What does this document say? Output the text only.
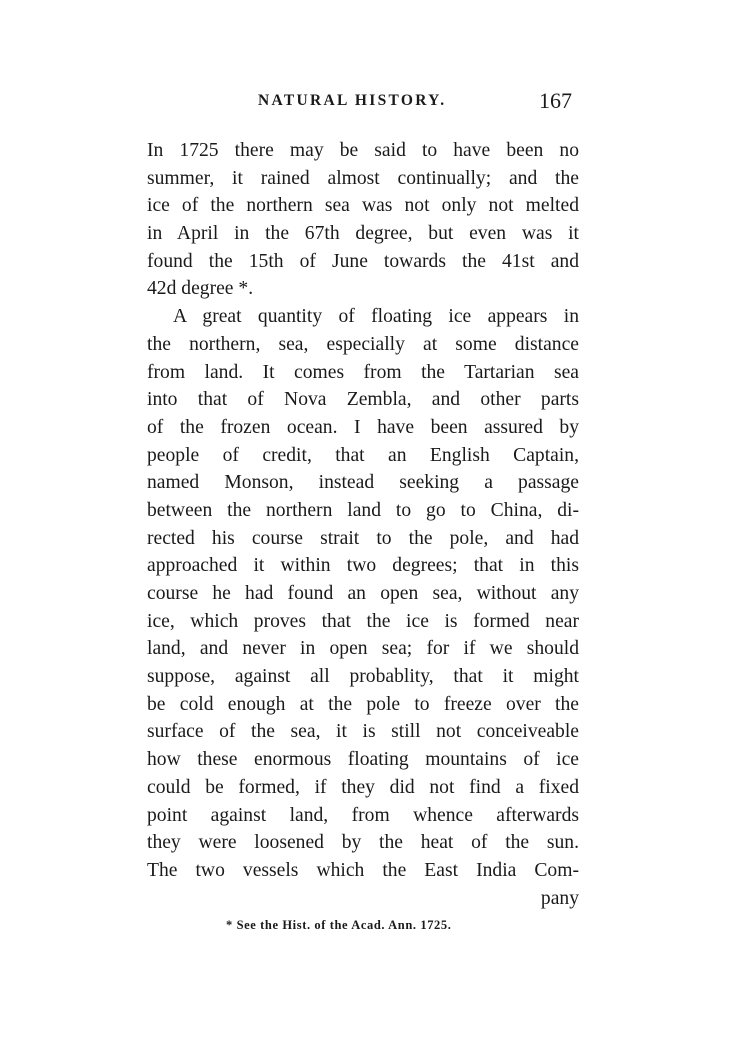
NATURAL HISTORY.	167
In 1725 there may be said to have been no
summer, it rained almost continually; and the
ice of the northern sea was not only not melted
in April in the 67th degree, but even was it
found the 15th of June towards the 41st and
42d degree *.
A great quantity of floating ice appears in
the northern, sea, especially at some distance
from land. It comes from the Tartarian sea
into that of Nova Zembla, and other parts
of the frozen ocean. I have been assured by
people of credit, that an English Captain,
named Monson, instead seeking a passage
between the northern land to go to China, di-
rected his course strait to the pole, and had
approached it within two degrees; that in this
course he had found an open sea, without any
ice, which proves that the ice is formed near
land, and never in open sea; for if we should
suppose, against all probablity, that it might
be cold enough at the pole to freeze over the
surface of the sea, it is still not conceiveable
how these enormous floating mountains of ice
could be formed, if they did not find a fixed
point against land, from whence afterwards
they were loosened by the heat of the sun.
The two vessels which the East India Com-
pany
* See the Hist. of the Acad. Ann. 1725.
